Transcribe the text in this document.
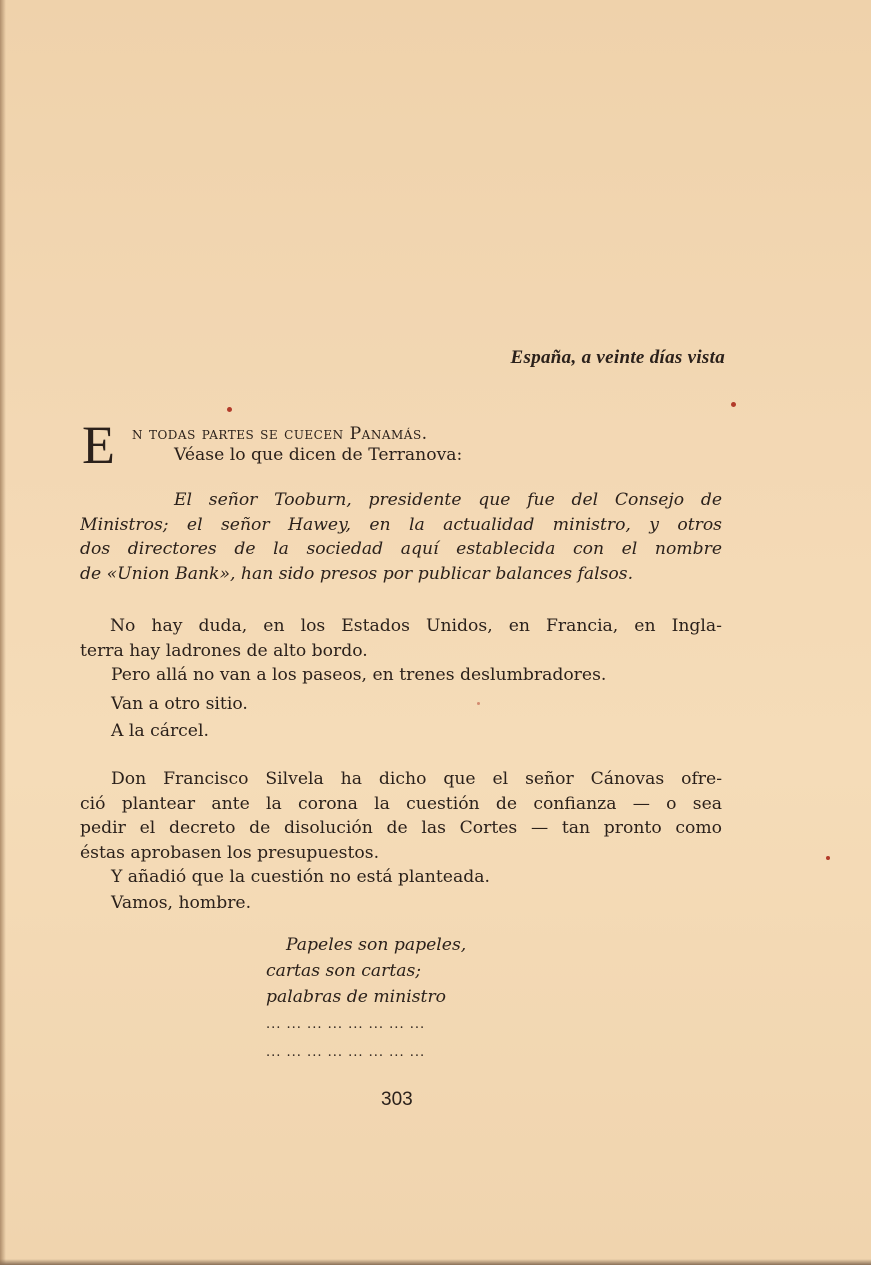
España, a veinte días vista
E n todas partes se cuecen Panamás.
Véase lo que dicen de Terranova:
El señor Tooburn, presidente que fue del Consejo de
Ministros; el señor Hawey, en la actualidad ministro, y otros
dos directores de la sociedad aquí establecida con el nombre
de «Union Bank», han sido presos por publicar balances falsos.
No hay duda, en los Estados Unidos, en Francia, en Ingla-
terra hay ladrones de alto bordo.
Pero allá no van a los paseos, en trenes deslumbradores.
Van a otro sitio.
A la cárcel.
Don Francisco Silvela ha dicho que el señor Cánovas ofre-
ció plantear ante la corona la cuestión de confianza — o sea
pedir el decreto de disolución de las Cortes — tan pronto como
éstas aprobasen los presupuestos.
Y añadió que la cuestión no está planteada.
Vamos, hombre.
Papeles son papeles,
cartas son cartas;
palabras de ministro
... ... ... ... ... ... ... ...
... ... ... ... ... ... ... ...
303
